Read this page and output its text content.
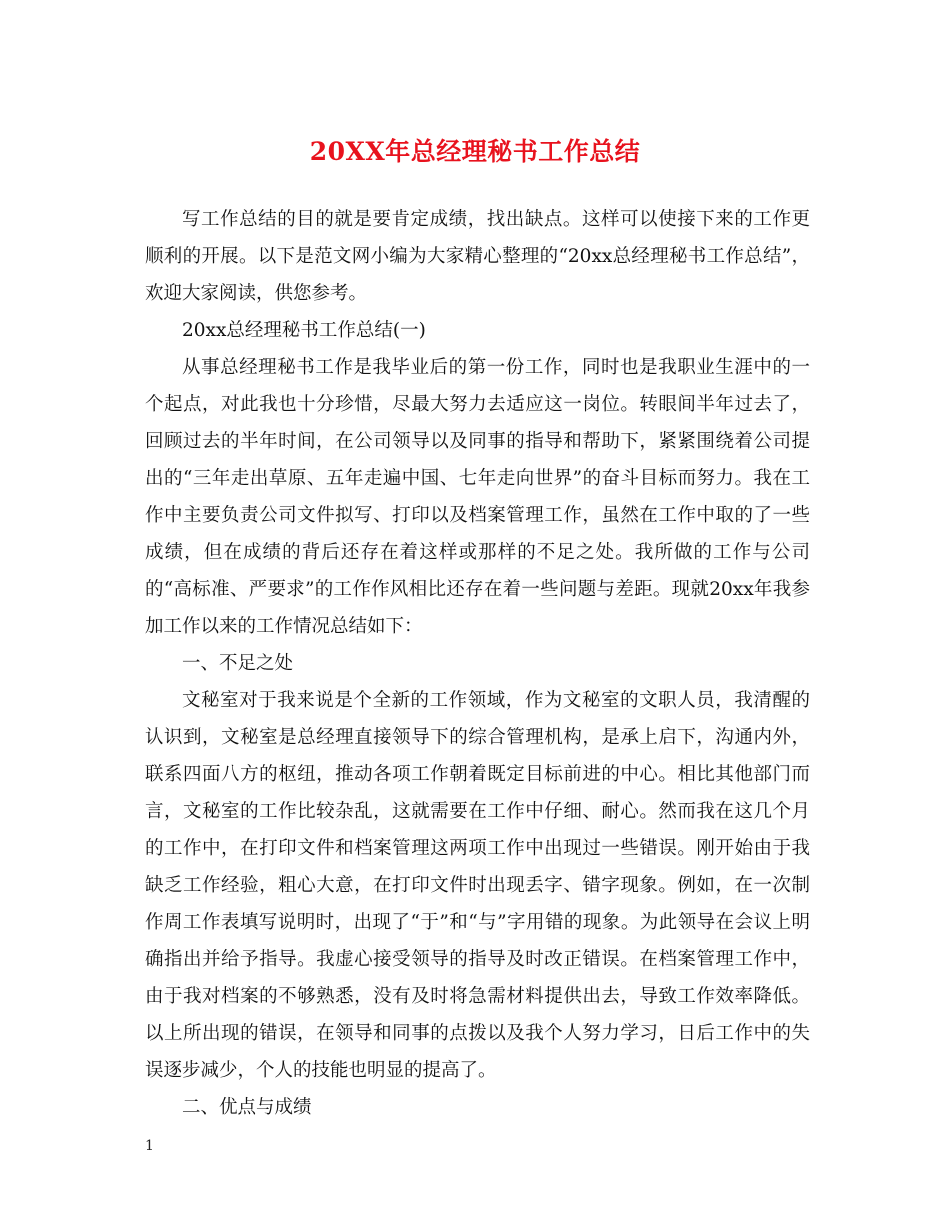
20XX年总经理秘书工作总结

写工作总结的目的就是要肯定成绩，找出缺点。这样可以使接下来的工作更顺利的开展。以下是范文网小编为大家精心整理的“20xx总经理秘书工作总结”，欢迎大家阅读，供您参考。

20xx总经理秘书工作总结(一)

从事总经理秘书工作是我毕业后的第一份工作，同时也是我职业生涯中的一个起点，对此我也十分珍惜，尽最大努力去适应这一岗位。转眼间半年过去了，回顾过去的半年时间，在公司领导以及同事的指导和帮助下，紧紧围绕着公司提出的“三年走出草原、五年走遍中国、七年走向世界”的奋斗目标而努力。我在工作中主要负责公司文件拟写、打印以及档案管理工作，虽然在工作中取的了一些成绩，但在成绩的背后还存在着这样或那样的不足之处。我所做的工作与公司的“高标准、严要求”的工作作风相比还存在着一些问题与差距。现就20xx年我参加工作以来的工作情况总结如下：

一、不足之处

文秘室对于我来说是个全新的工作领域，作为文秘室的文职人员，我清醒的认识到，文秘室是总经理直接领导下的综合管理机构，是承上启下，沟通内外，联系四面八方的枢纽，推动各项工作朝着既定目标前进的中心。相比其他部门而言，文秘室的工作比较杂乱，这就需要在工作中仔细、耐心。然而我在这几个月的工作中，在打印文件和档案管理这两项工作中出现过一些错误。刚开始由于我缺乏工作经验，粗心大意，在打印文件时出现丢字、错字现象。例如，在一次制作周工作表填写说明时，出现了“于”和“与”字用错的现象。为此领导在会议上明确指出并给予指导。我虚心接受领导的指导及时改正错误。在档案管理工作中，由于我对档案的不够熟悉，没有及时将急需材料提供出去，导致工作效率降低。以上所出现的错误，在领导和同事的点拨以及我个人努力学习，日后工作中的失误逐步减少，个人的技能也明显的提高了。

二、优点与成绩

1
